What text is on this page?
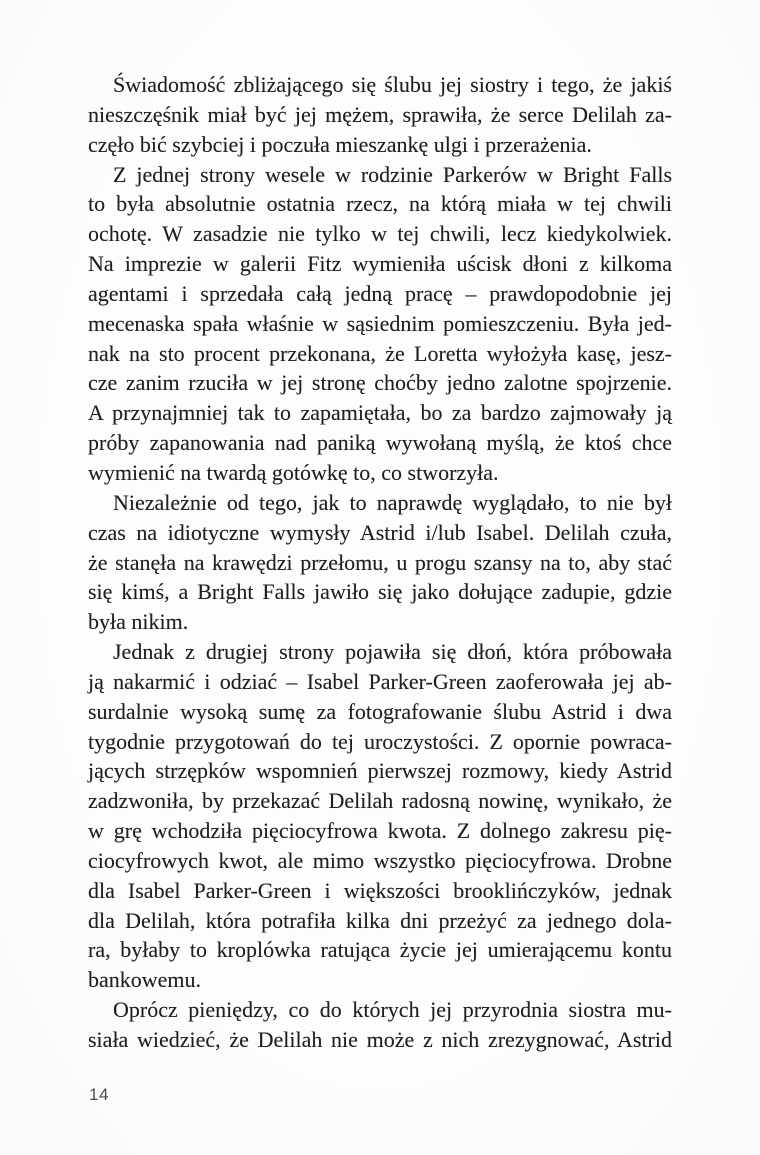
Świadomość zbliżającego się ślubu jej siostry i tego, że jakiś
nieszczęśnik miał być jej mężem, sprawiła, że serce Delilah za-
częło bić szybciej i poczuła mieszankę ulgi i przerażenia.
Z jednej strony wesele w rodzinie Parkerów w Bright Falls
to była absolutnie ostatnia rzecz, na którą miała w tej chwili
ochotę. W zasadzie nie tylko w tej chwili, lecz kiedykolwiek.
Na imprezie w galerii Fitz wymieniła uścisk dłoni z kilkoma
agentami i sprzedała całą jedną pracę – prawdopodobnie jej
mecenaska spała właśnie w sąsiednim pomieszczeniu. Była jed-
nak na sto procent przekonana, że Loretta wyłożyła kasę, jesz-
cze zanim rzuciła w jej stronę choćby jedno zalotne spojrzenie.
A przynajmniej tak to zapamiętała, bo za bardzo zajmowały ją
próby zapanowania nad paniką wywołaną myślą, że ktoś chce
wymienić na twardą gotówkę to, co stworzyła.
Niezależnie od tego, jak to naprawdę wyglądało, to nie był
czas na idiotyczne wymysły Astrid i/lub Isabel. Delilah czuła,
że stanęła na krawędzi przełomu, u progu szansy na to, aby stać
się kimś, a Bright Falls jawiło się jako dołujące zadupie, gdzie
była nikim.
Jednak z drugiej strony pojawiła się dłoń, która próbowała
ją nakarmić i odziać – Isabel Parker-Green zaoferowała jej ab-
surdalnie wysoką sumę za fotografowanie ślubu Astrid i dwa
tygodnie przygotowań do tej uroczystości. Z opornie powraca-
jących strzępków wspomnień pierwszej rozmowy, kiedy Astrid
zadzwoniła, by przekazać Delilah radosną nowinę, wynikało, że
w grę wchodziła pięciocyfrowa kwota. Z dolnego zakresu pię-
ciocyfrowych kwot, ale mimo wszystko pięciocyfrowa. Drobne
dla Isabel Parker-Green i większości brooklińczyków, jednak
dla Delilah, która potrafiła kilka dni przeżyć za jednego dola-
ra, byłaby to kroplówka ratująca życie jej umierającemu kontu
bankowemu.
Oprócz pieniędzy, co do których jej przyrodnia siostra mu-
siała wiedzieć, że Delilah nie może z nich zrezygnować, Astrid
14
